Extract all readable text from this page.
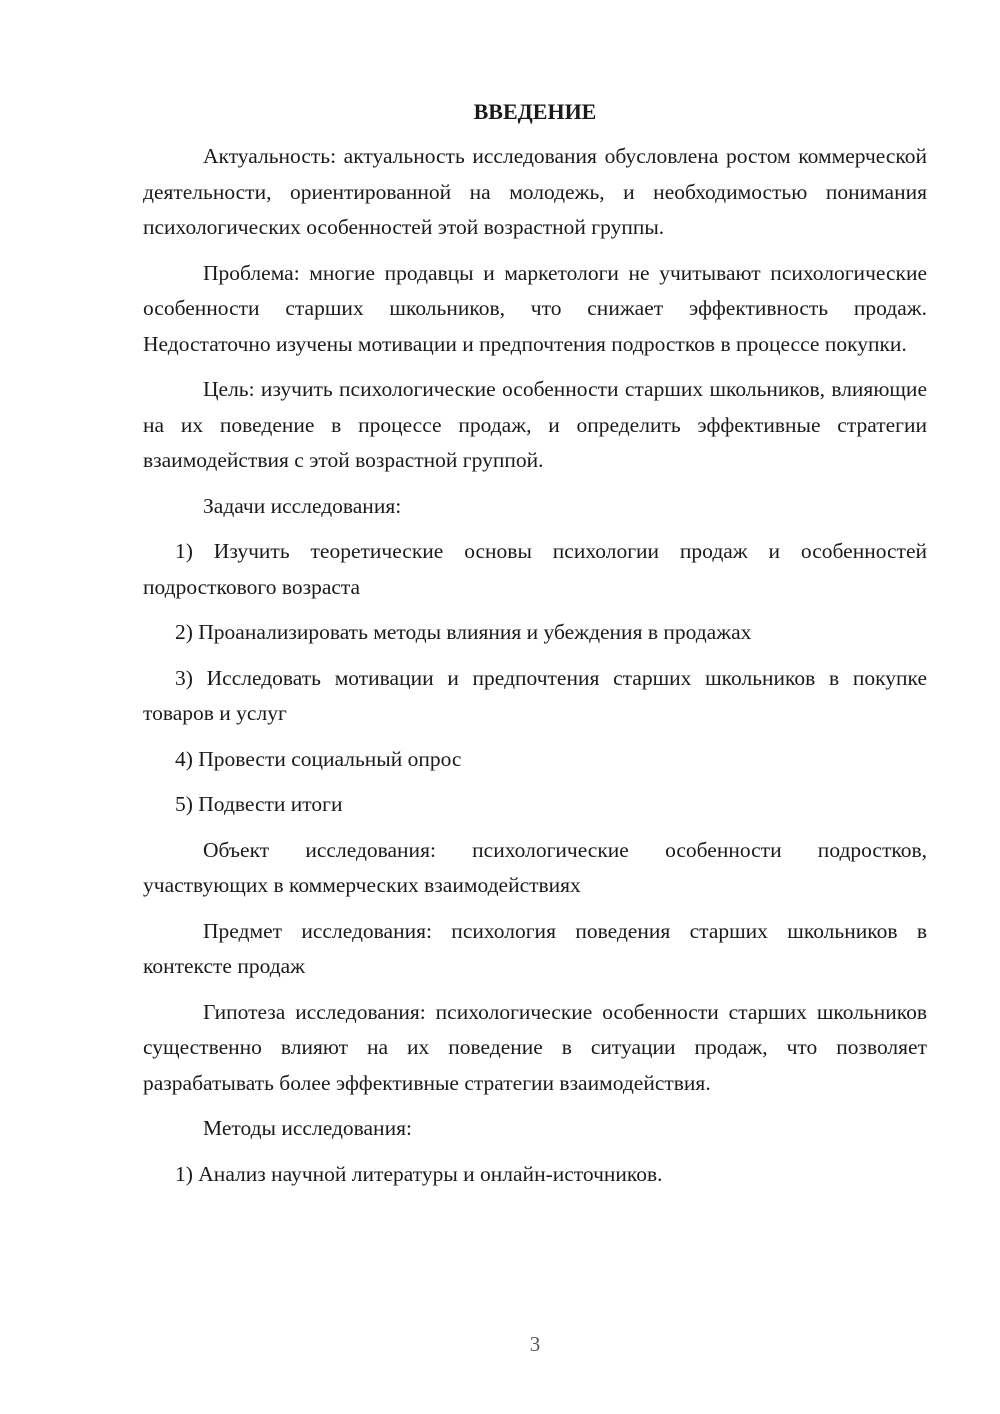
ВВЕДЕНИЕ

Актуальность: актуальность исследования обусловлена ростом коммерческой деятельности, ориентированной на молодежь, и необходимостью понимания психологических особенностей этой возрастной группы.

Проблема: многие продавцы и маркетологи не учитывают психологические особенности старших школьников, что снижает эффективность продаж. Недостаточно изучены мотивации и предпочтения подростков в процессе покупки.

Цель: изучить психологические особенности старших школьников, влияющие на их поведение в процессе продаж, и определить эффективные стратегии взаимодействия с этой возрастной группой.

Задачи исследования:

1) Изучить теоретические основы психологии продаж и особенностей подросткового возраста

2) Проанализировать методы влияния и убеждения в продажах

3) Исследовать мотивации и предпочтения старших школьников в покупке товаров и услуг

4) Провести социальный опрос

5) Подвести итоги

Объект исследования: психологические особенности подростков, участвующих в коммерческих взаимодействиях

Предмет исследования: психология поведения старших школьников в контексте продаж

Гипотеза исследования: психологические особенности старших школьников существенно влияют на их поведение в ситуации продаж, что позволяет разрабатывать более эффективные стратегии взаимодействия.

Методы исследования:

1) Анализ научной литературы и онлайн-источников.

3
